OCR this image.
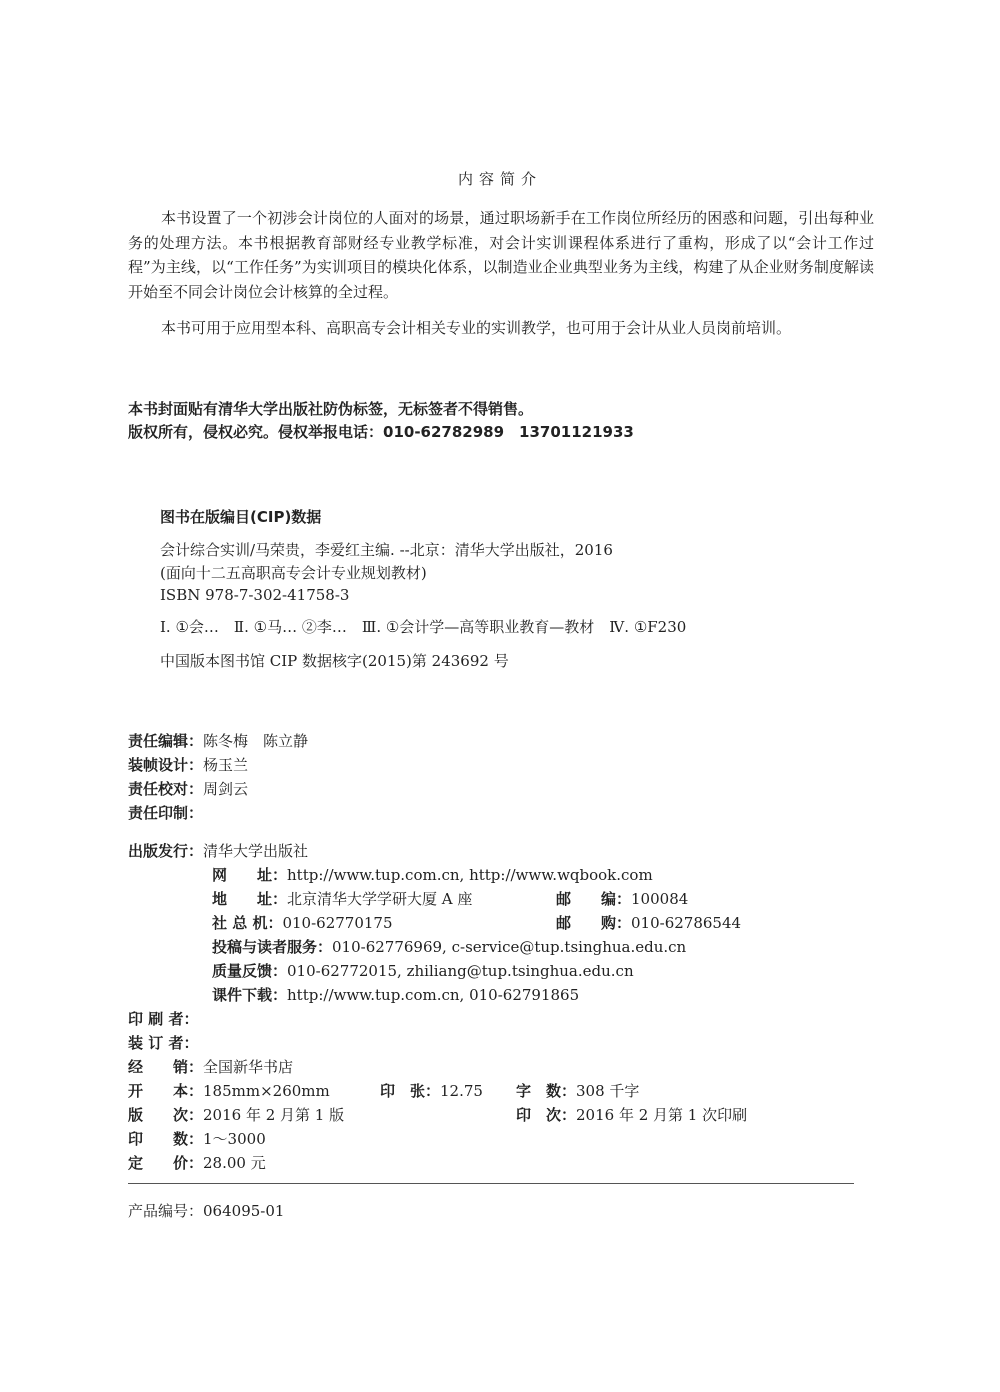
内容简介
本书设置了一个初涉会计岗位的人面对的场景，通过职场新手在工作岗位所经历的困惑和问题，引出每种业务的处理方法。本书根据教育部财经专业教学标准，对会计实训课程体系进行了重构，形成了以“会计工作过程”为主线，以“工作任务”为实训项目的模块化体系，以制造业企业典型业务为主线，构建了从企业财务制度解读开始至不同会计岗位会计核算的全过程。
本书可用于应用型本科、高职高专会计相关专业的实训教学，也可用于会计从业人员岗前培训。
本书封面贴有清华大学出版社防伪标签，无标签者不得销售。
版权所有，侵权必究。侵权举报电话：010-62782989　13701121933
图书在版编目(CIP)数据
会计综合实训/马荣贵，李爱红主编. --北京：清华大学出版社，2016
(面向十二五高职高专会计专业规划教材)
ISBN 978-7-302-41758-3
Ⅰ. ①会…　Ⅱ. ①马… ②李…　Ⅲ. ①会计学—高等职业教育—教材　Ⅳ. ①F230
中国版本图书馆 CIP 数据核字(2015)第 243692 号
责任编辑：陈冬梅　陈立静
装帧设计：杨玉兰
责任校对：周剑云
责任印制：
出版发行：清华大学出版社
网　　址：http://www.tup.com.cn, http://www.wqbook.com
地　　址：北京清华大学学研大厦 A 座	邮　　编：100084
社 总 机：010-62770175	邮　　购：010-62786544
投稿与读者服务：010-62776969, c-service@tup.tsinghua.edu.cn
质量反馈：010-62772015, zhiliang@tup.tsinghua.edu.cn
课件下载：http://www.tup.com.cn, 010-62791865
印 刷 者：
装 订 者：
经　　销：全国新华书店
开　　本：185mm×260mm	印　张：12.75 字　数：308 千字
版　　次：2016 年 2 月第 1 版	印　次：2016 年 2 月第 1 次印刷
印　　数：1～3000
定　　价：28.00 元
产品编号：064095-01
